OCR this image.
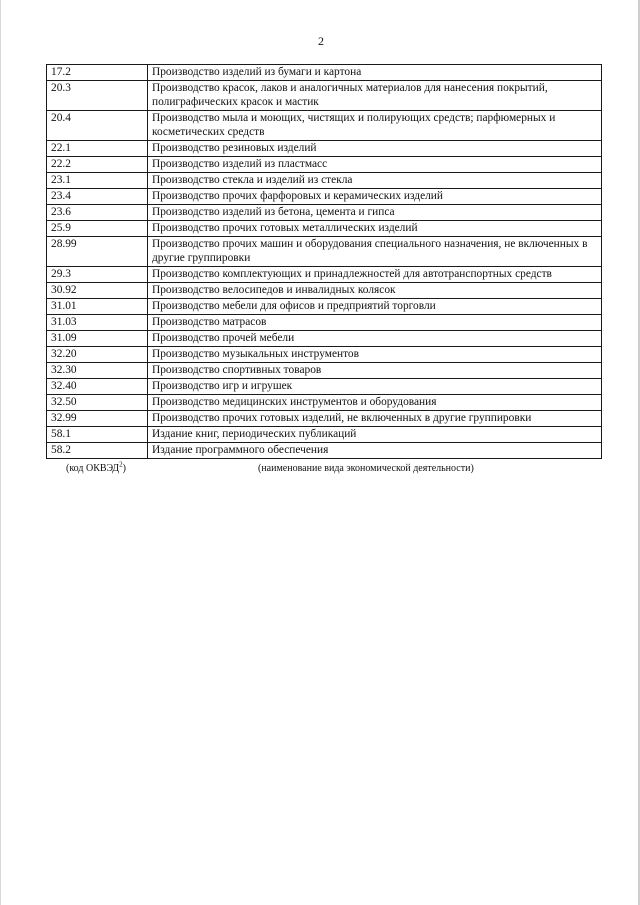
2
17.2	Производство изделий из бумаги и картона
20.3	Производство красок, лаков и аналогичных материалов для нанесения покрытий, полиграфических красок и мастик
20.4	Производство мыла и моющих, чистящих и полирующих средств; парфюмерных и косметических средств
22.1	Производство резиновых изделий
22.2	Производство изделий из пластмасс
23.1	Производство стекла и изделий из стекла
23.4	Производство прочих фарфоровых и керамических изделий
23.6	Производство изделий из бетона, цемента и гипса
25.9	Производство прочих готовых металлических изделий
28.99	Производство прочих машин и оборудования специального назначения, не включенных в другие группировки
29.3	Производство комплектующих и принадлежностей для автотранспортных средств
30.92	Производство велосипедов и инвалидных колясок
31.01	Производство мебели для офисов и предприятий торговли
31.03	Производство матрасов
31.09	Производство прочей мебели
32.20	Производство музыкальных инструментов
32.30	Производство спортивных товаров
32.40	Производство игр и игрушек
32.50	Производство медицинских инструментов и оборудования
32.99	Производство прочих готовых изделий, не включенных в другие группировки
58.1	Издание книг, периодических публикаций
58.2	Издание программного обеспечения
(код ОКВЭД$^2$)	(наименование вида экономической деятельности)
